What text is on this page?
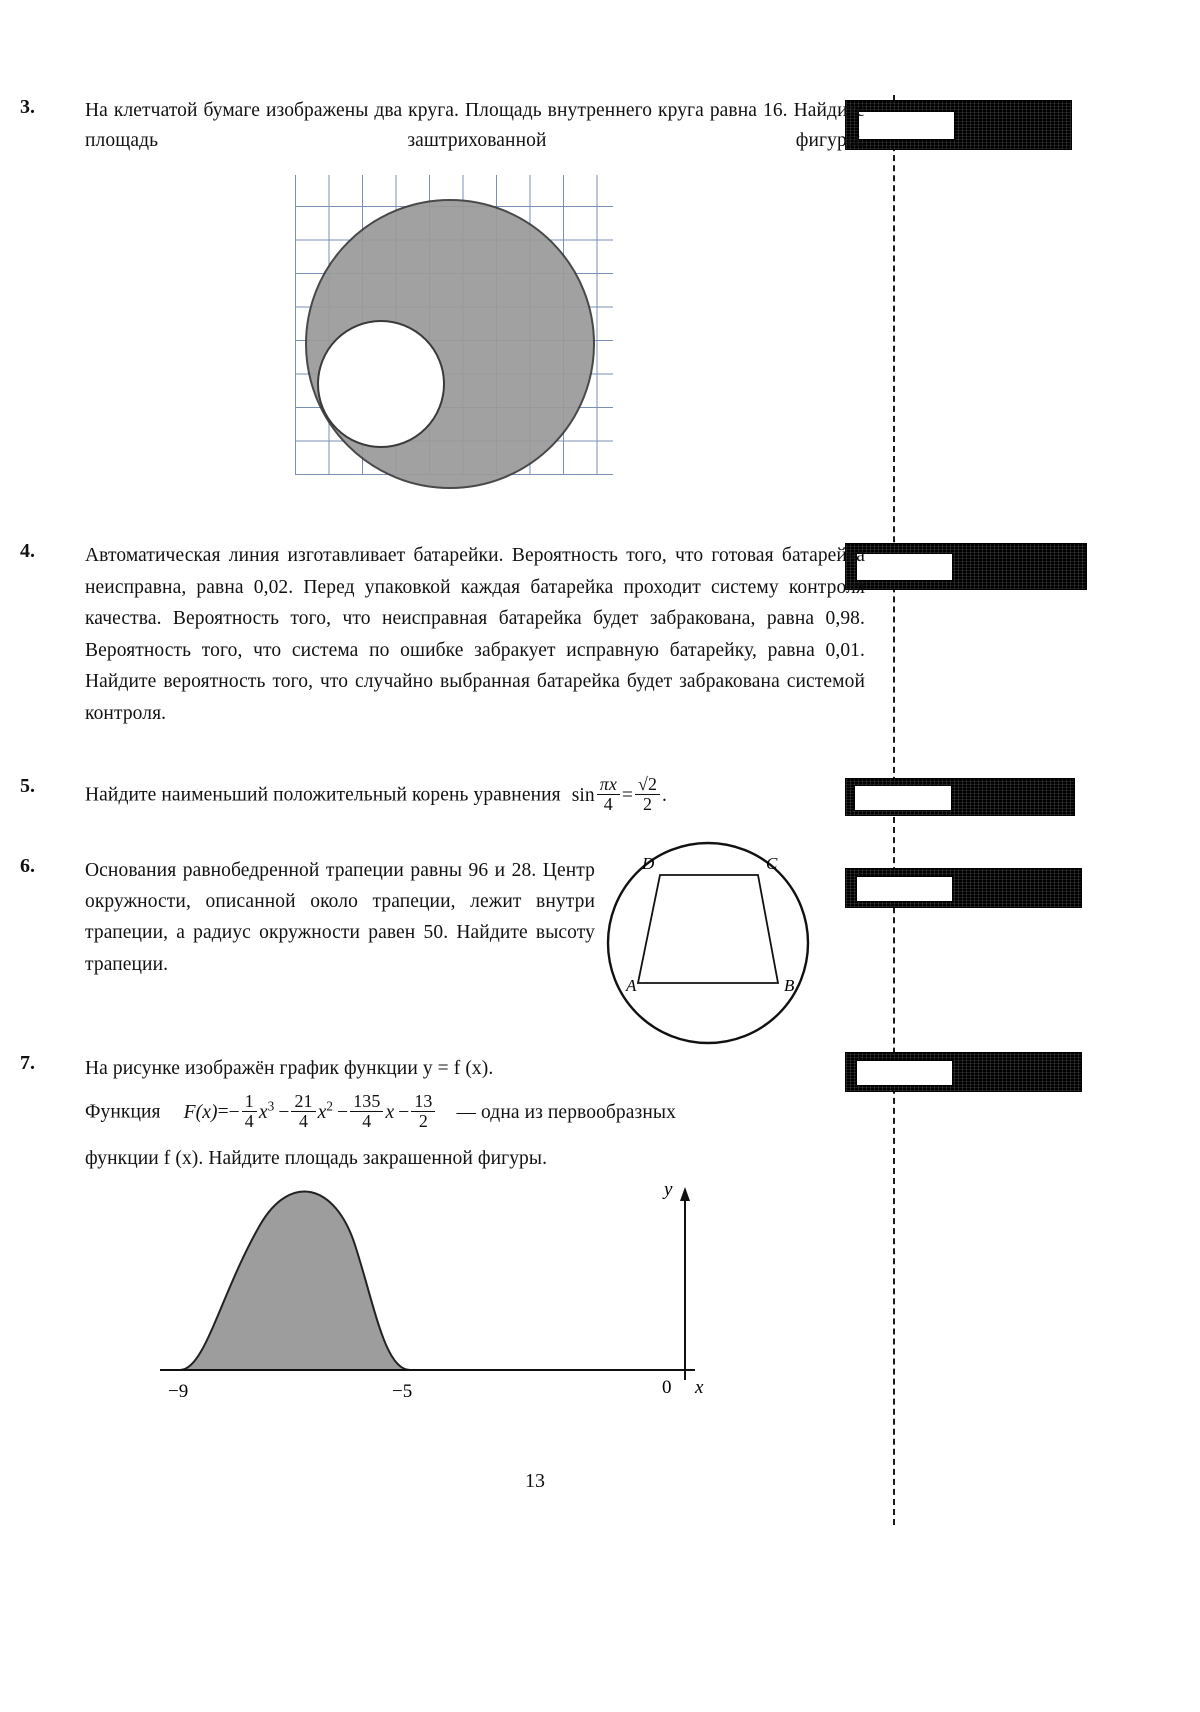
3.	На клетчатой бумаге изображены два круга. Площадь внутреннего круга равна 16. Найдите площадь заштрихованной фигуры.
4.	Автоматическая линия изготавливает батарейки. Вероятность того, что готовая батарейка неисправна, равна 0,02. Перед упаковкой каждая батарейка проходит систему контроля качества. Вероятность того, что неисправная батарейка будет забракована, равна 0,98. Вероятность того, что система по ошибке забракует исправную батарейку, равна 0,01. Найдите вероятность того, что случайно выбранная батарейка будет забракована системой контроля.
5.	Найдите наименьший положительный корень уравнения $\sin \frac{\pi x}{4} = \frac{√2}{2}$ .
6.	Основания равнобедренной трапеции равны 96 и 28. Центр окружности, описанной около трапеции, лежит внутри трапеции, а радиус окружности равен 50. Найдите высоту трапеции.
A	B
C
D
7.	На рисунке изображён график функции y = f (x).
Функция $F(x)=- \frac{1}{4} x^3 - \frac{21}{4} x^2 - \frac{135}{4}$ $x - \frac{13}{2}$ — одна из первообразных
функции f (x). Найдите площадь закрашенной фигуры.
y
x
0
−9	−5
13
